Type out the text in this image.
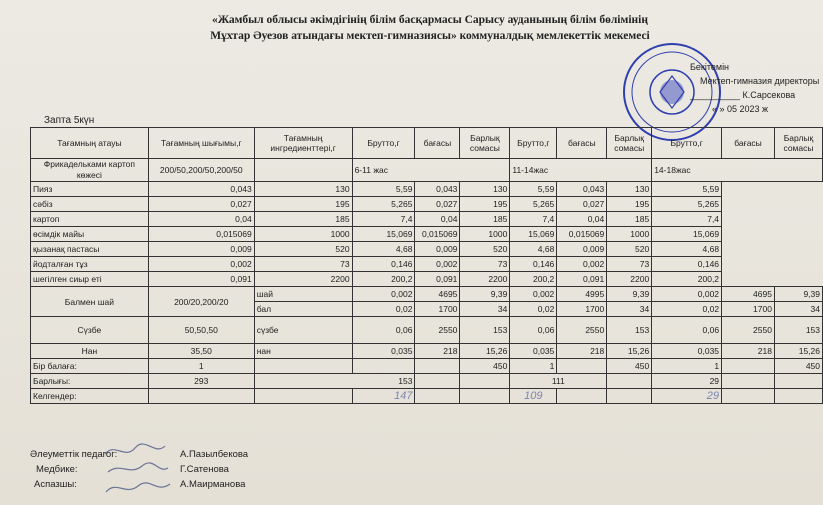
«Жамбыл облысы әкімдігінің білім басқармасы Сарысу ауданының білім бөлімінің
Мұхтар Әуезов атындағы мектеп-гимназиясы» коммуналдық мемлекеттік мекемесі
Бекітемін
Мектеп-гимназия директоры
__________ К.Сарсекова
« » 05 2023 ж
Запта 5күн
Тағамның атауы	Тағамның шығымы,г	Тағамның ингредиенттері,г	Брутто,г	бағасы	Барлық сомасы	Брутто,г	бағасы	Барлық сомасы	Брутто,г	бағасы	Барлық сомасы
Фрикадельками картоп көжесі	200/50,200/50,200/50		6-11 жас			11-14жас			14-18жас		
Пияз	0,043	130	5,59	0,043	130	5,59	0,043	130	5,59		
сәбіз	0,027	195	5,265	0,027	195	5,265	0,027	195	5,265		
картоп	0,04	185	7,4	0,04	185	7,4	0,04	185	7,4		
өсімдік майы	0,015069	1000	15,069	0,015069	1000	15,069	0,015069	1000	15,069		
қызанақ пастасы	0,009	520	4,68	0,009	520	4,68	0,009	520	4,68		
йодталған тұз	0,002	73	0,146	0,002	73	0,146	0,002	73	0,146		
шегілген сиыр еті	0,091	2200	200,2	0,091	2200	200,2	0,091	2200	200,2		
Балмен шай	200/20,200/20	шай	0,002	4695	9,39	0,002	4995	9,39	0,002	4695	9,39
		бал	0,02	1700	34	0,02	1700	34	0,02	1700	34
Сүзбе	50,50,50	сүзбе	0,06	2550	153	0,06	2550	153	0,06	2550	153
Нан	35,50	нан	0,035	218	15,26	0,035	218	15,26	0,035	218	15,26
Бір балаға:	1				450	1		450	1		450
Барлығы:	293	153				111			29		
Келгендер:			147			109			29		
Әлеуметтік педагог:	А.Пазылбекова
Медбике:	Г.Сатенова
Аспазшы:	А.Маирманова
